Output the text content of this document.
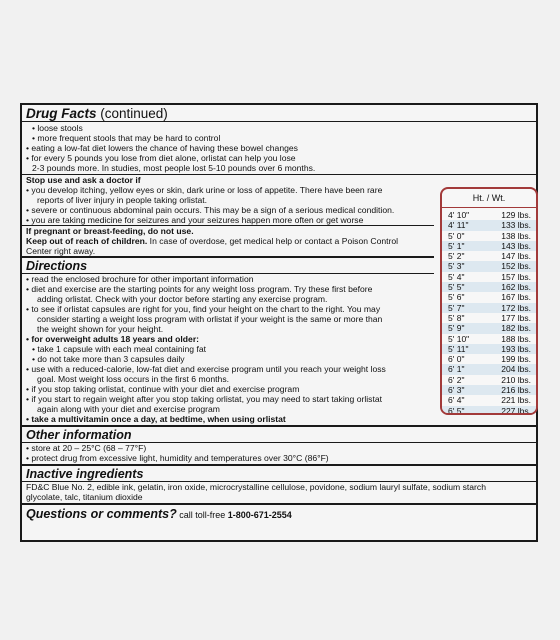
Drug Facts (continued)
• loose stools
• more frequent stools that may be hard to control
• eating a low-fat diet lowers the chance of having these bowel changes
• for every 5 pounds you lose from diet alone, orlistat can help you lose
2-3 pounds more. In studies, most people lost 5-10 pounds over 6 months.
Stop use and ask a doctor if
• you develop itching, yellow eyes or skin, dark urine or loss of appetite. There have been rare
reports of liver injury in people taking orlistat.
• severe or continuous abdominal pain occurs. This may be a sign of a serious medical condition.
• you are taking medicine for seizures and your seizures happen more often or get worse
If pregnant or breast-feeding, do not use.
Keep out of reach of children. In case of overdose, get medical help or contact a Poison Control
Center right away.
Directions
• read the enclosed brochure for other important information
• diet and exercise are the starting points for any weight loss program. Try these first before
adding orlistat. Check with your doctor before starting any exercise program.
• to see if orlistat capsules are right for you, find your height on the chart to the right. You may
consider starting a weight loss program with orlistat if your weight is the same or more than
the weight shown for your height.
• for overweight adults 18 years and older:
• take 1 capsule with each meal containing fat
• do not take more than 3 capsules daily
• use with a reduced-calorie, low-fat diet and exercise program until you reach your weight loss
goal. Most weight loss occurs in the first 6 months.
• if you stop taking orlistat, continue with your diet and exercise program
• if you start to regain weight after you stop taking orlistat, you may need to start taking orlistat
again along with your diet and exercise program
• take a multivitamin once a day, at bedtime, when using orlistat
Other information
• store at 20 – 25°C (68 – 77°F)
• protect drug from excessive light, humidity and temperatures over 30°C (86°F)
Inactive ingredients
FD&C Blue No. 2, edible ink, gelatin, iron oxide, microcrystalline cellulose, povidone, sodium lauryl sulfate, sodium starch
glycolate, talc, titanium dioxide
Questions or comments? call toll-free 1-800-671-2554
Ht. / Wt.
4' 10"	129 lbs.
4' 11"	133 lbs.
5' 0"	138 lbs.
5' 1"	143 lbs.
5' 2"	147 lbs.
5' 3"	152 lbs.
5' 4"	157 lbs.
5' 5"	162 lbs.
5' 6"	167 lbs.
5' 7"	172 lbs.
5' 8"	177 lbs.
5' 9"	182 lbs.
5' 10"	188 lbs.
5' 11"	193 lbs.
6' 0"	199 lbs.
6' 1"	204 lbs.
6' 2"	210 lbs.
6' 3"	216 lbs.
6' 4"	221 lbs.
6' 5"	227 lbs.
